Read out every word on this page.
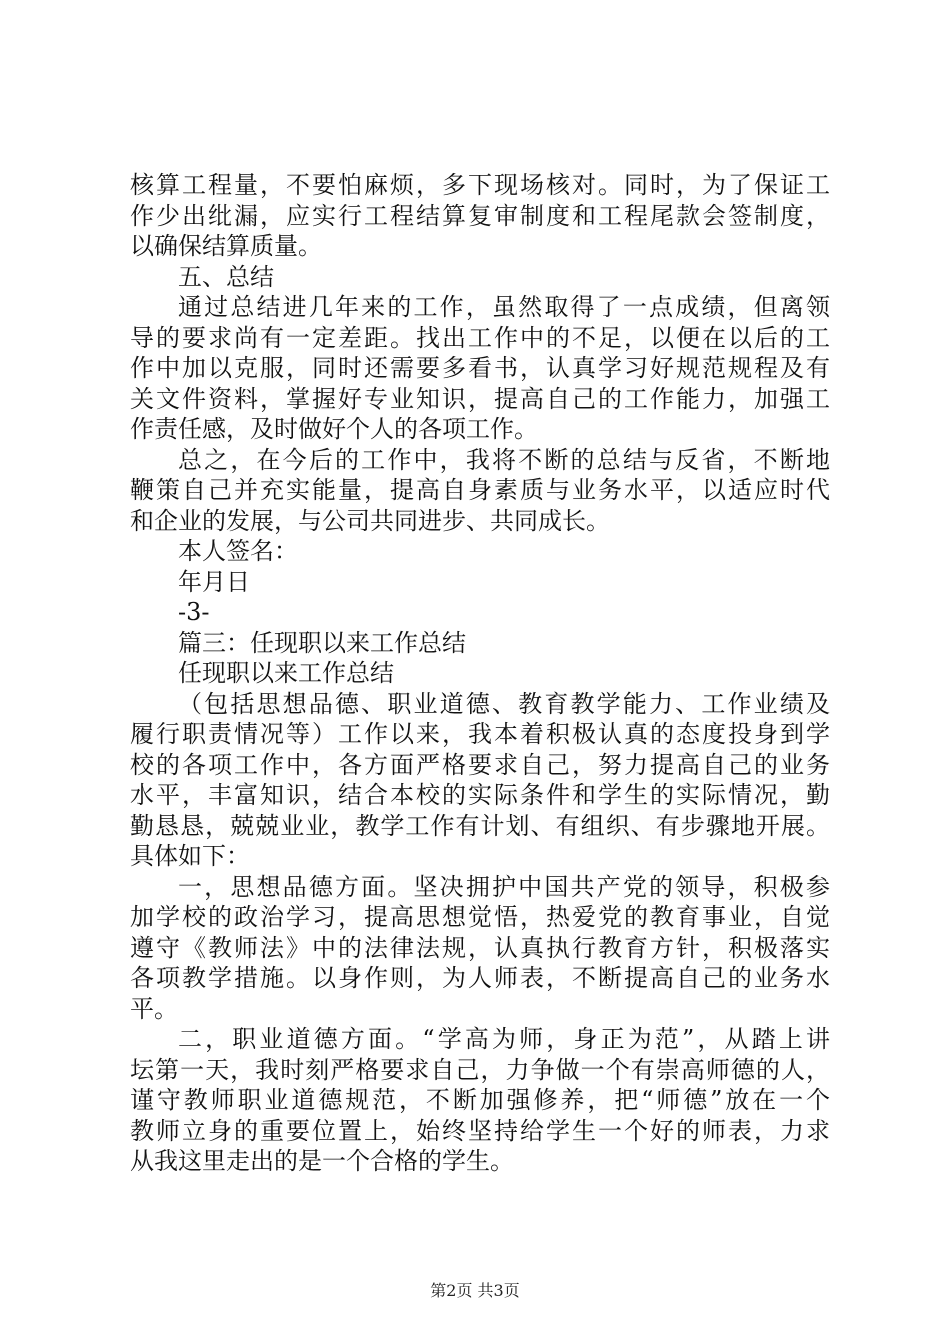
核算工程量，不要怕麻烦，多下现场核对。同时，为了保证工
作少出纰漏，应实行工程结算复审制度和工程尾款会签制度，
以确保结算质量。
五、总结
通过总结进几年来的工作，虽然取得了一点成绩，但离领
导的要求尚有一定差距。找出工作中的不足，以便在以后的工
作中加以克服，同时还需要多看书，认真学习好规范规程及有
关文件资料，掌握好专业知识，提高自己的工作能力，加强工
作责任感，及时做好个人的各项工作。
总之，在今后的工作中，我将不断的总结与反省，不断地
鞭策自己并充实能量，提高自身素质与业务水平，以适应时代
和企业的发展，与公司共同进步、共同成长。
本人签名：
年月日
-3-
篇三：任现职以来工作总结
任现职以来工作总结
（包括思想品德、职业道德、教育教学能力、工作业绩及
履行职责情况等）工作以来，我本着积极认真的态度投身到学
校的各项工作中，各方面严格要求自己，努力提高自己的业务
水平，丰富知识，结合本校的实际条件和学生的实际情况，勤
勤恳恳，兢兢业业，教学工作有计划、有组织、有步骤地开展。
具体如下：
一，思想品德方面。坚决拥护中国共产党的领导，积极参
加学校的政治学习，提高思想觉悟，热爱党的教育事业，自觉
遵守《教师法》中的法律法规，认真执行教育方针，积极落实
各项教学措施。以身作则，为人师表，不断提高自己的业务水
平。
二，职业道德方面。“学高为师，身正为范”，从踏上讲
坛第一天，我时刻严格要求自己，力争做一个有崇高师德的人，
谨守教师职业道德规范，不断加强修养，把“师德”放在一个
教师立身的重要位置上，始终坚持给学生一个好的师表，力求
从我这里走出的是一个合格的学生。
第2页 共3页
